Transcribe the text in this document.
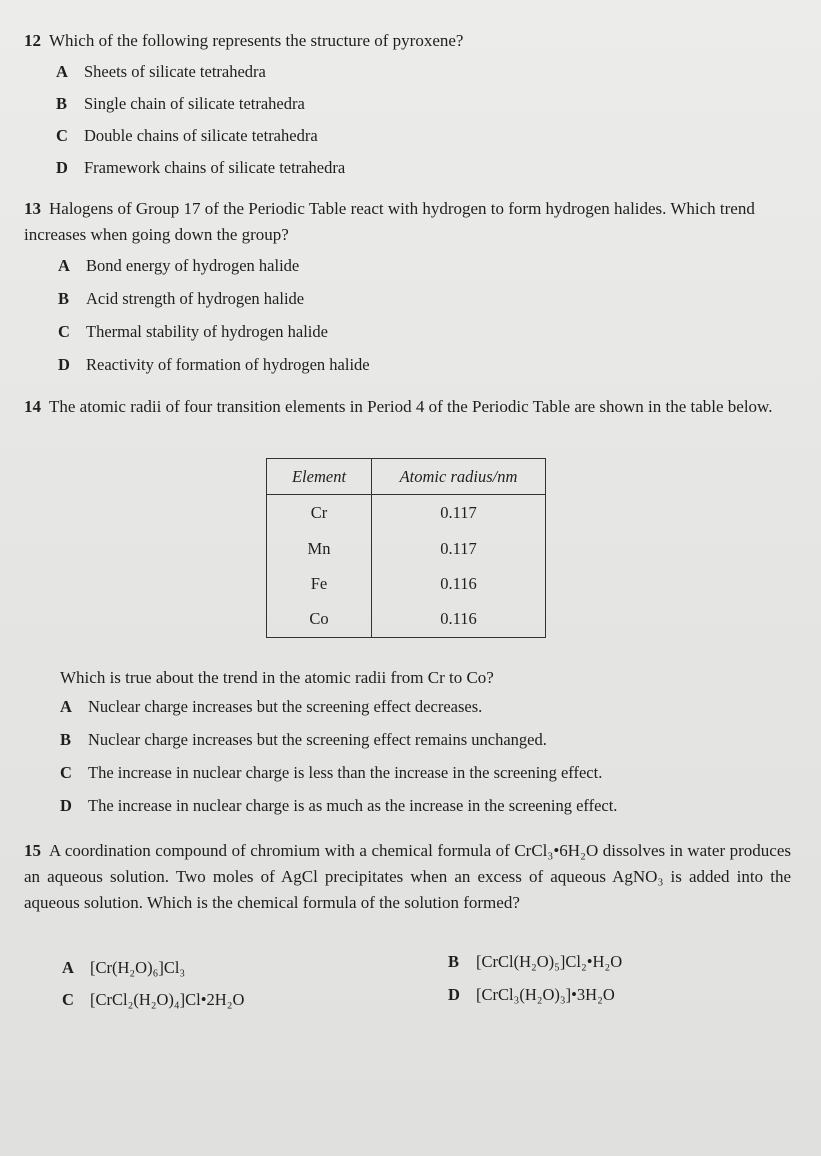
12 Which of the following represents the structure of pyroxene?
A Sheets of silicate tetrahedra
B Single chain of silicate tetrahedra
C Double chains of silicate tetrahedra
D Framework chains of silicate tetrahedra
13 Halogens of Group 17 of the Periodic Table react with hydrogen to form hydrogen halides. Which trend increases when going down the group?
A Bond energy of hydrogen halide
B Acid strength of hydrogen halide
C Thermal stability of hydrogen halide
D Reactivity of formation of hydrogen halide
14 The atomic radii of four transition elements in Period 4 of the Periodic Table are shown in the table below.
Element	Atomic radius/nm
Cr	0.117
Mn	0.117
Fe	0.116
Co	0.116
Which is true about the trend in the atomic radii from Cr to Co?
A Nuclear charge increases but the screening effect decreases.
B Nuclear charge increases but the screening effect remains unchanged.
C The increase in nuclear charge is less than the increase in the screening effect.
D The increase in nuclear charge is as much as the increase in the screening effect.
15 A coordination compound of chromium with a chemical formula of CrCl₃•6H₂O dissolves in water produces an aqueous solution. Two moles of AgCl precipitates when an excess of aqueous AgNO₃ is added into the aqueous solution. Which is the chemical formula of the solution formed?
A [Cr(H₂O)₆]Cl₃	B [CrCl(H₂O)₅]Cl₂•H₂O
C [CrCl₂(H₂O)₄]Cl•2H₂O	D [CrCl₃(H₂O)₃]•3H₂O
